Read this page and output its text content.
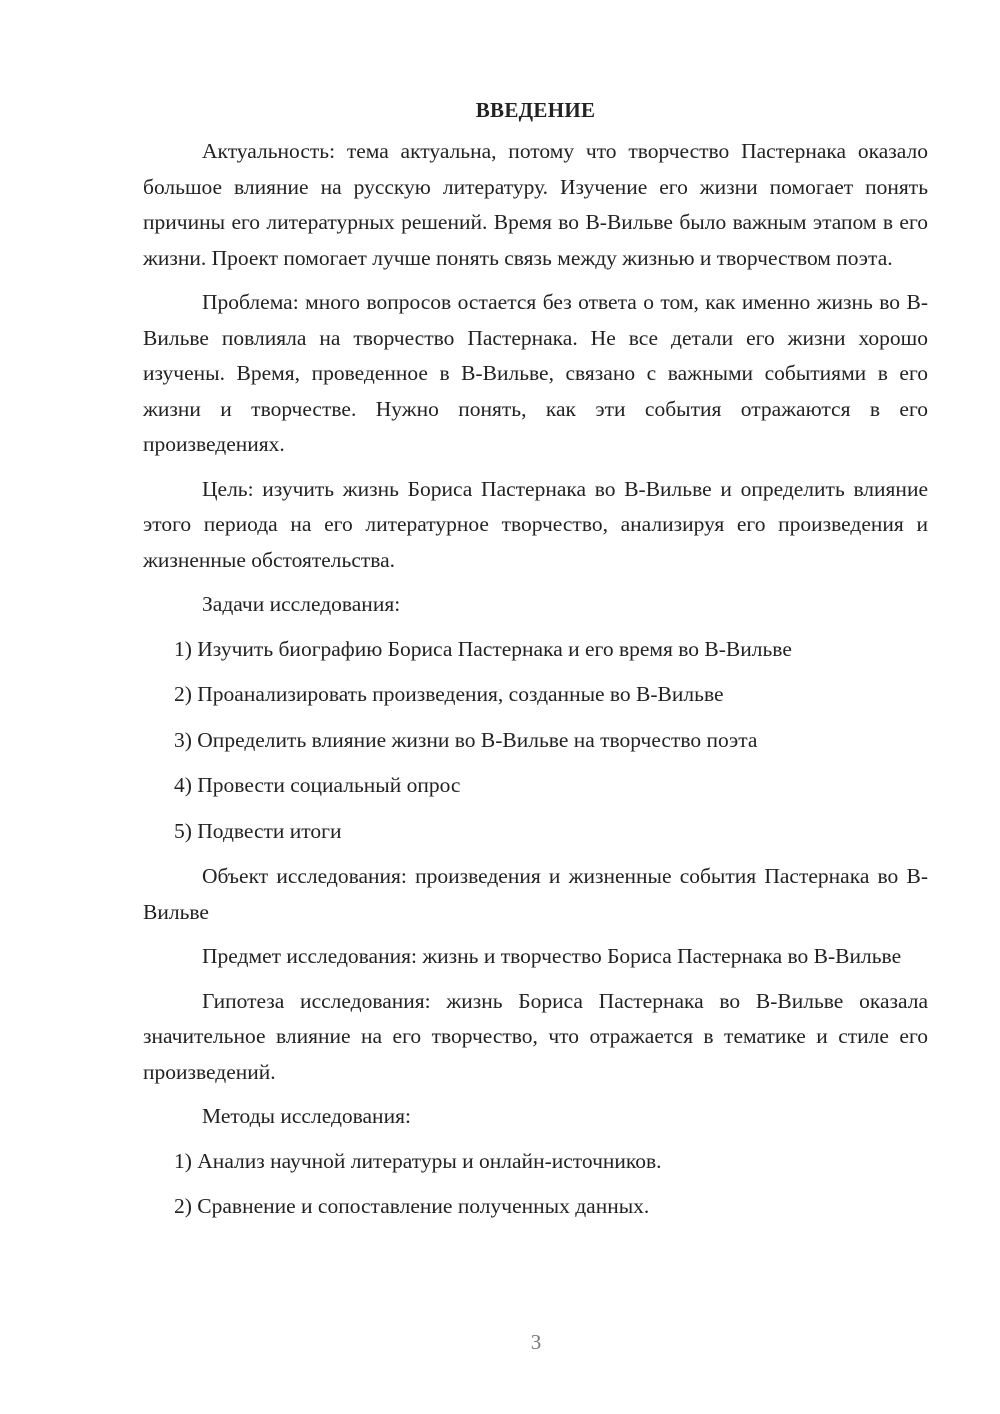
ВВЕДЕНИЕ

Актуальность: тема актуальна, потому что творчество Пастернака оказало большое влияние на русскую литературу. Изучение его жизни помогает понять причины его литературных решений. Время во В-Вильве было важным этапом в его жизни. Проект помогает лучше понять связь между жизнью и творчеством поэта.

Проблема: много вопросов остается без ответа о том, как именно жизнь во В-Вильве повлияла на творчество Пастернака. Не все детали его жизни хорошо изучены. Время, проведенное в В-Вильве, связано с важными событиями в его жизни и творчестве. Нужно понять, как эти события отражаются в его произведениях.

Цель: изучить жизнь Бориса Пастернака во В-Вильве и определить влияние этого периода на его литературное творчество, анализируя его произведения и жизненные обстоятельства.

Задачи исследования:

1) Изучить биографию Бориса Пастернака и его время во В-Вильве
2) Проанализировать произведения, созданные во В-Вильве
3) Определить влияние жизни во В-Вильве на творчество поэта
4) Провести социальный опрос
5) Подвести итоги

Объект исследования: произведения и жизненные события Пастернака во В-Вильве

Предмет исследования: жизнь и творчество Бориса Пастернака во В-Вильве

Гипотеза исследования: жизнь Бориса Пастернака во В-Вильве оказала значительное влияние на его творчество, что отражается в тематике и стиле его произведений.

Методы исследования:

1) Анализ научной литературы и онлайн-источников.
2) Сравнение и сопоставление полученных данных.
3
